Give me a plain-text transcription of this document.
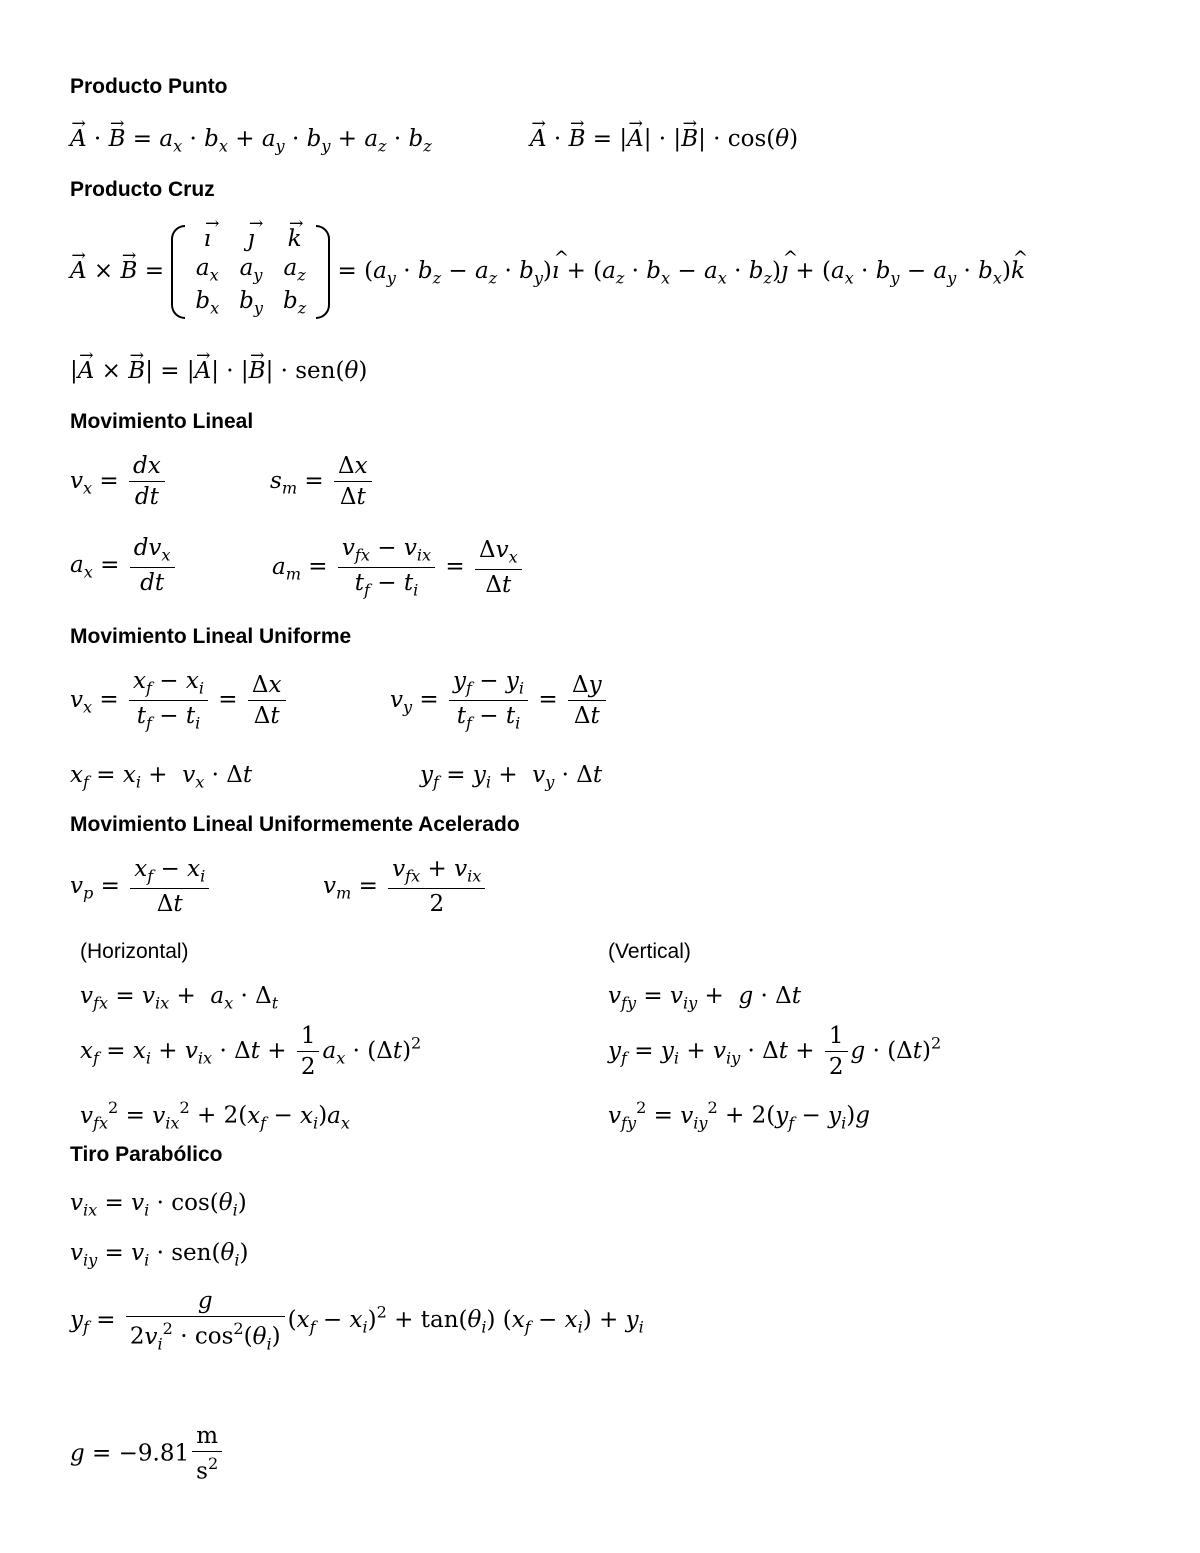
Producto Punto
→ A · → $B = a_x \cdot b_x + a_y \cdot b_y + a_z \cdot b_z$	→ A · → B = |→ A| · |→ B| · cos(θ)
Producto Cruz
→ A × → B =
→ ı	→ ȷ	→ k
$a_x$	$a_y$	$a_z$
$b_x$	$b_y$	$b_z$
= ($a_y \cdot b_z - a_z$ · $b_y)\^{}$ ı + ($a_z \cdot b_x - a_x$ · $b_z)\^{}$ ȷ + ($a_x \cdot b_y - a_y$ · $b_x)\^{}$ k
|→ A × → B| = |→ A| · |→ B| · sen(θ)
Movimiento Lineal
$v_x = \frac{dx}{dt}$	$s_m = \frac{\Delta x}{\Delta t}$
$a_x = \frac{dv_x}{dt}$	$a_m = \frac{v_{fx} - v_{ix}}{t_f - t_i} = \frac{\Delta v_x}{\Delta t}$
Movimiento Lineal Uniforme
$v_x = \frac{x_f - x_i}{t_f - t_i} = \frac{\Delta x}{\Delta t}$	$v_y = \frac{y_f - y_i}{t_f - t_i} = \frac{\Delta y}{\Delta t}$
$x_f = x_i + v_x \cdot \Delta t$	$y_f = y_i + v_y \cdot \Delta t$
Movimiento Lineal Uniformemente Acelerado
$v_p = \frac{x_f - x_i}{\Delta t}$	$v_m = \frac{v_{fx} + v_{ix}}{2}$
(Horizontal)	(Vertical)
$v_{fx} = v_{ix} + a_x \cdot \Delta_t$	$v_{fy} = v_{iy} + g \cdot \Delta t$
$x_f = x_i + v_{ix} \cdot \Delta t + \frac{1}{2} a_x \cdot (\Delta t)^2$	$y_f = y_i + v_{iy} \cdot \Delta t + \frac{1}{2}$ $g \cdot (\Delta t)^2$
$v_{fx}^2 = v_{ix}^2 + 2(x_f - x_i)a_x$	$v_{fy}^2 = v_{iy}^2 + 2(y_f - y_i)g$
Tiro Parabólico
$v_{ix} = v_i \cdot \cos(\theta_i)$
$v_{iy} = v_i \cdot sen(\theta_i)$
$y_f = \frac{g}{2v_i^2 \cdot \cos^2(\theta_i)} (x_f - x_i)^2 + \tan(\theta_i) (x_f - x_i) + y_i$
$g = -9.81 \frac{m}{s^2}$
